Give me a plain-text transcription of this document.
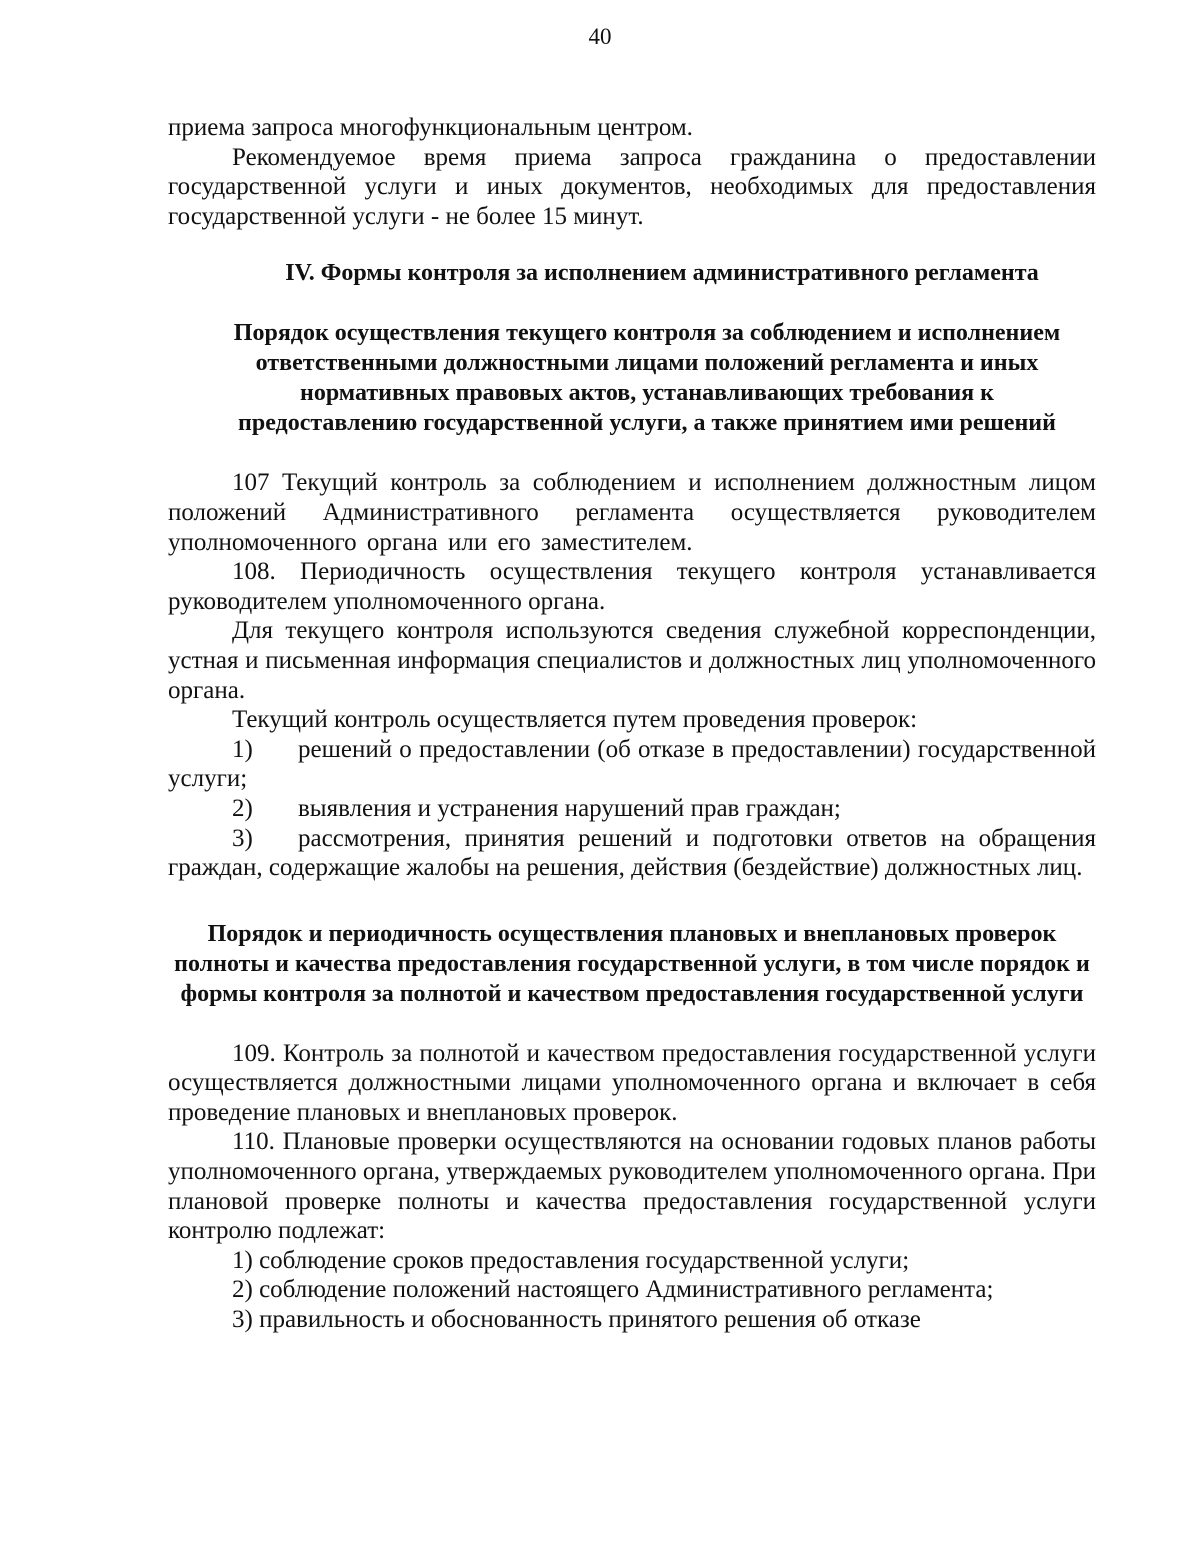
40

приема запроса многофункциональным центром.

Рекомендуемое время приема запроса гражданина о предоставлении государственной услуги и иных документов, необходимых для предоставления государственной услуги - не более 15 минут.

IV. Формы контроля за исполнением административного регламента
Порядок осуществления текущего контроля за соблюдением и исполнением ответственными должностными лицами положений регламента и иных нормативных правовых актов, устанавливающих требования к предоставлению государственной услуги, а также принятием ими решений

107 Текущий контроль за соблюдением и исполнением должностным лицом положений Административного регламента осуществляется руководителем уполномоченного органа или его заместителем.

108. Периодичность осуществления текущего контроля устанавливается руководителем уполномоченного органа.

Для текущего контроля используются сведения служебной корреспонденции, устная и письменная информация специалистов и должностных лиц уполномоченного органа.

Текущий контроль осуществляется путем проведения проверок:

1) решений о предоставлении (об отказе в предоставлении) государственной услуги;

2) выявления и устранения нарушений прав граждан;

3) рассмотрения, принятия решений и подготовки ответов на обращения граждан, содержащие жалобы на решения, действия (бездействие) должностных лиц.

Порядок и периодичность осуществления плановых и внеплановых проверок полноты и качества предоставления государственной услуги, в том числе порядок и формы контроля за полнотой и качеством предоставления государственной услуги

109. Контроль за полнотой и качеством предоставления государственной услуги осуществляется должностными лицами уполномоченного органа и включает в себя проведение плановых и внеплановых проверок.

110. Плановые проверки осуществляются на основании годовых планов работы уполномоченного органа, утверждаемых руководителем уполномоченного органа. При плановой проверке полноты и качества предоставления государственной услуги контролю подлежат:

1) соблюдение сроков предоставления государственной услуги;

2) соблюдение положений настоящего Административного регламента;

3) правильность и обоснованность принятого решения об отказе
